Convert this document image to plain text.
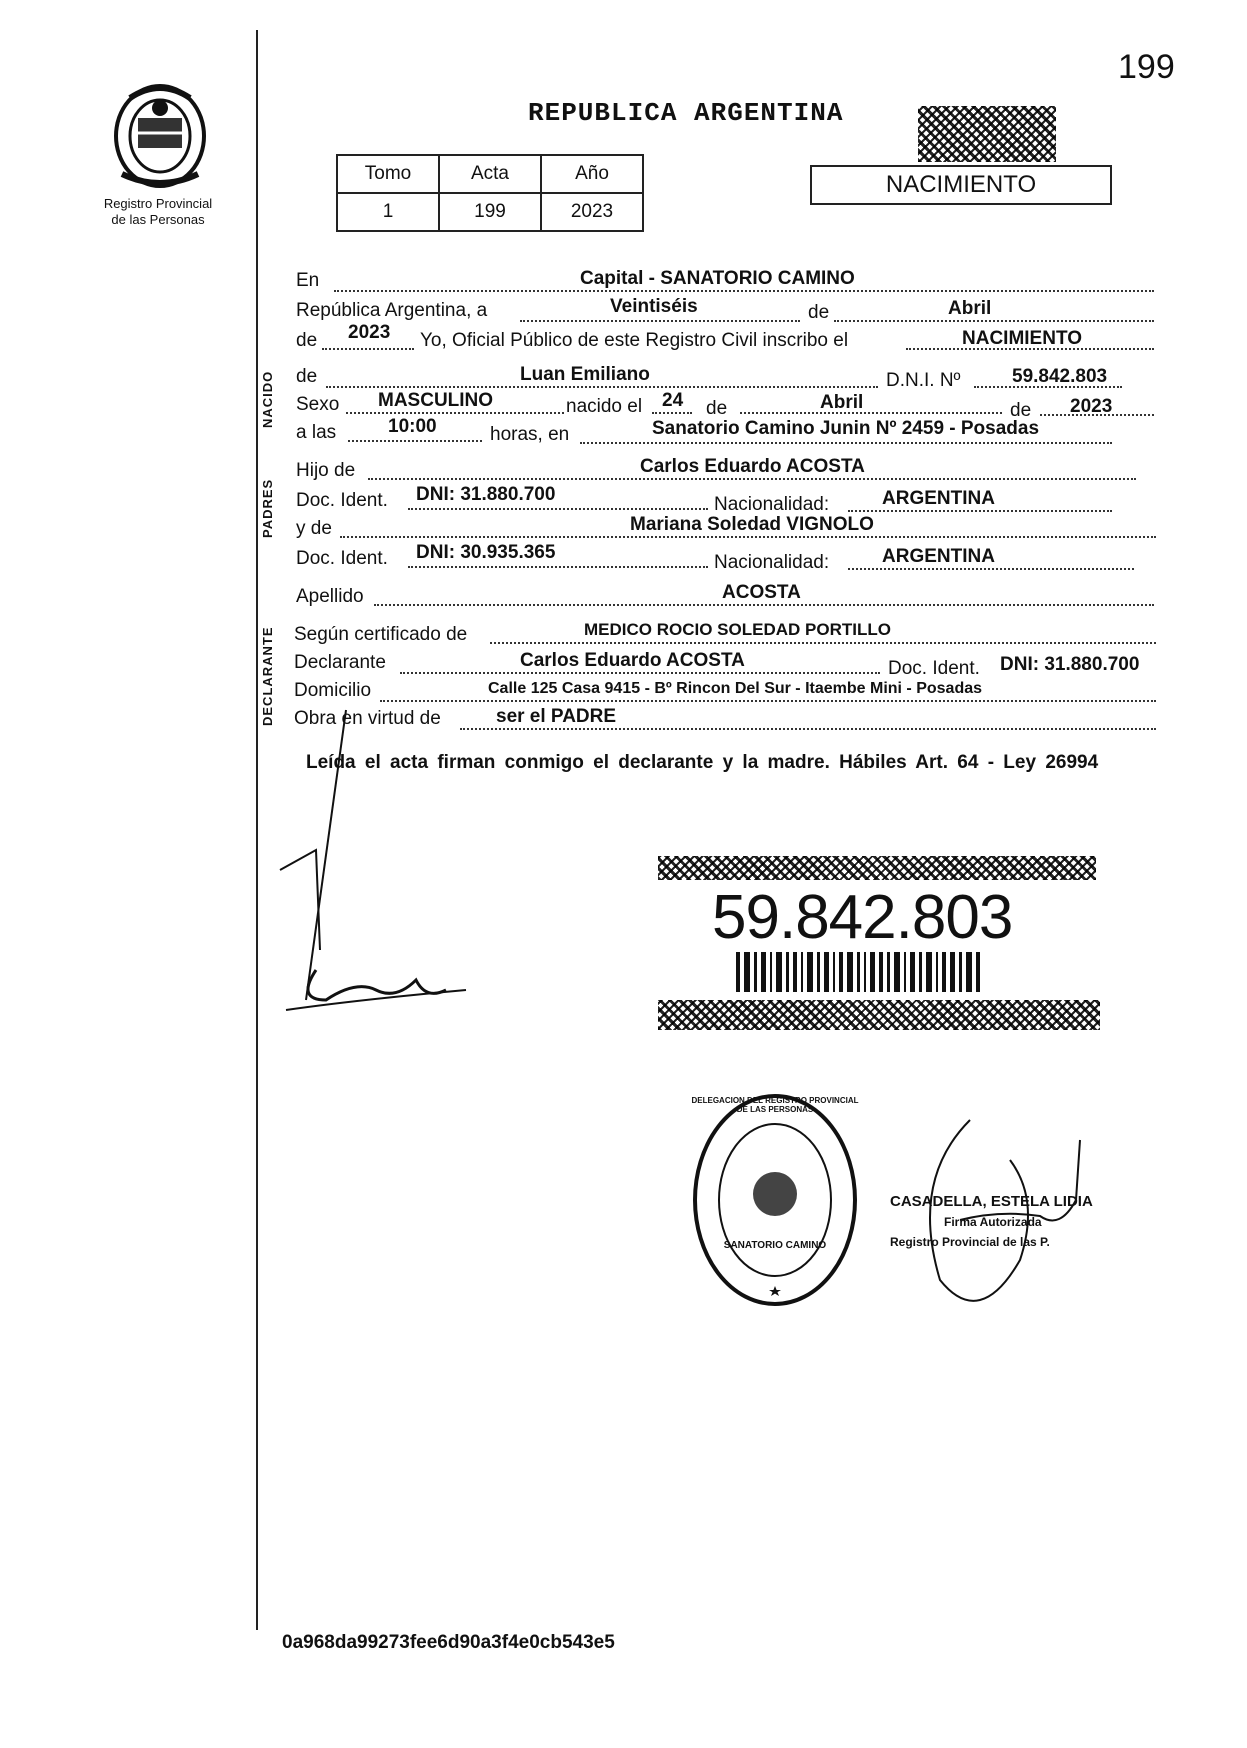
199
Registro Provincial
de las Personas
REPUBLICA ARGENTINA
Tomo	Acta	Año
1	199	2023
NACIMIENTO
NACIDO
PADRES
DECLARANTE
En	Capital - SANATORIO CAMINO
República Argentina, a	Veintiséis	de	Abril
de 2023 Yo, Oficial Público de este Registro Civil inscribo el	NACIMIENTO
de	Luan Emiliano	D.N.I. Nº	59.842.803
Sexo MASCULINO	nacido el 24 de	Abril	de 2023
a las	10:00	horas, en	Sanatorio Camino Junin Nº 2459 - Posadas
Hijo de	Carlos Eduardo ACOSTA
Doc. Ident. DNI: 31.880.700	Nacionalidad:	ARGENTINA
y de	Mariana Soledad VIGNOLO
Doc. Ident. DNI: 30.935.365	Nacionalidad:	ARGENTINA
Apellido	ACOSTA
Según certificado de	MEDICO ROCIO SOLEDAD PORTILLO
Declarante	Carlos Eduardo ACOSTA	Doc. Ident. DNI: 31.880.700
Domicilio	Calle 125 Casa 9415 - Bº Rincon Del Sur - Itaembe Mini - Posadas
Obra en virtud de	ser el PADRE
Leída el acta firman conmigo el declarante y la madre. Hábiles Art. 64 - Ley 26994
59.842.803
DELEGACION DEL REGISTRO PROVINCIAL DE LAS PERSONAS
SANATORIO CAMINO
CASADELLA, ESTELA LIDIA
Firma Autorizada
Registro Provincial de las P.
0a968da99273fee6d90a3f4e0cb543e5
